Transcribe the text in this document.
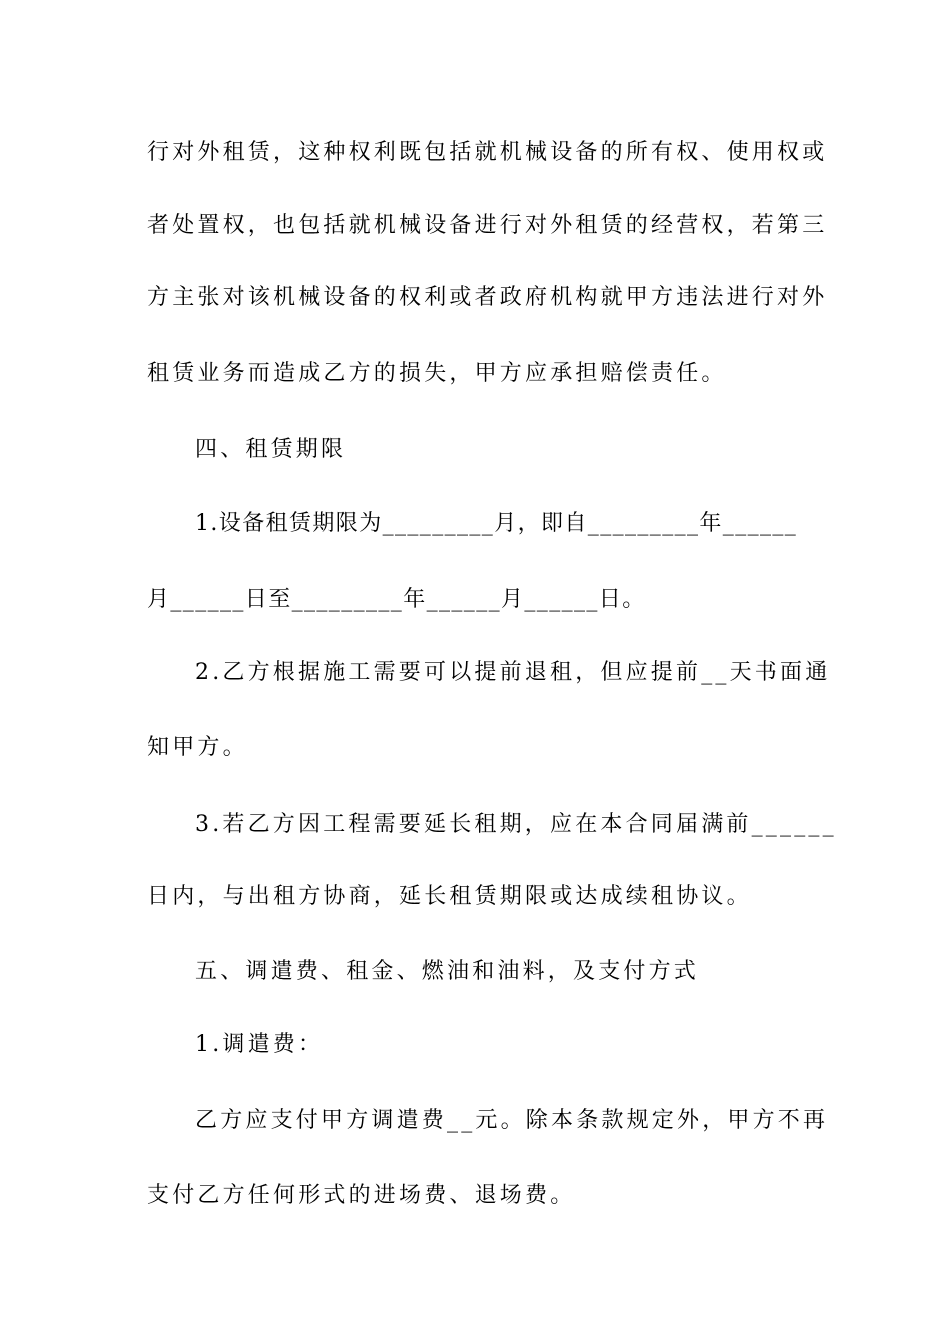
行对外租赁，这种权利既包括就机械设备的所有权、使用权或
者处置权，也包括就机械设备进行对外租赁的经营权，若第三
方主张对该机械设备的权利或者政府机构就甲方违法进行对外
租赁业务而造成乙方的损失，甲方应承担赔偿责任。
四、租赁期限
1.设备租赁期限为_________月，即自_________年______
月______日至_________年______月______日。
2.乙方根据施工需要可以提前退租，但应提前__天书面通
知甲方。
3.若乙方因工程需要延长租期，应在本合同届满前______
日内，与出租方协商，延长租赁期限或达成续租协议。
五、调遣费、租金、燃油和油料，及支付方式
1.调遣费：
乙方应支付甲方调遣费__元。除本条款规定外，甲方不再
支付乙方任何形式的进场费、退场费。
